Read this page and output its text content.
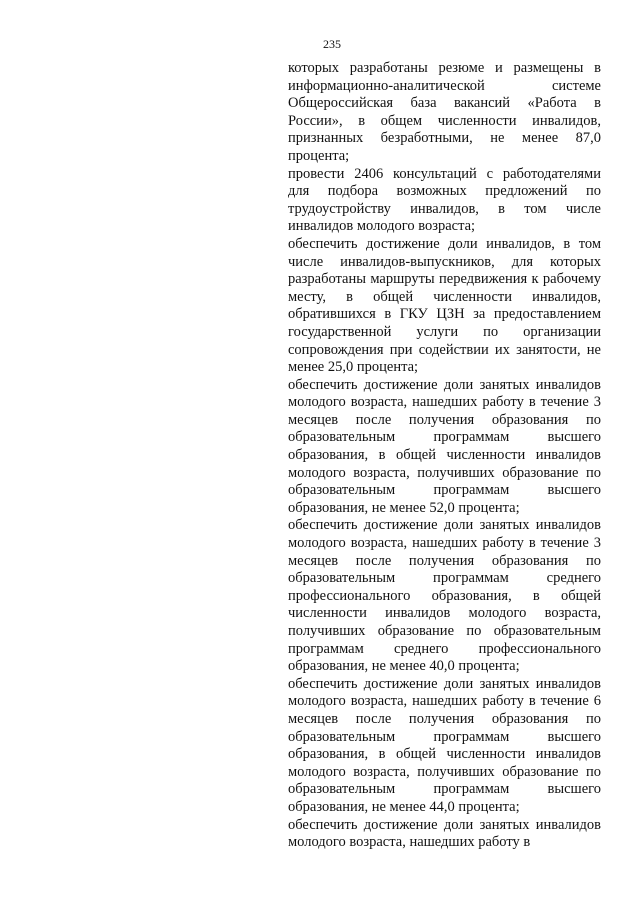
235

которых разработаны резюме и размещены в информационно-аналитической системе Общероссийская база вакансий «Работа в России», в общем численности инвалидов, признанных безработными, не менее 87,0 процента;

провести 2406 консультаций с работодателями для подбора возможных предложений по трудоустройству инвалидов, в том числе инвалидов молодого возраста;

обеспечить достижение доли инвалидов, в том числе инвалидов-выпускников, для которых разработаны маршруты передвижения к рабочему месту, в общей численности инвалидов, обратившихся в ГКУ ЦЗН за предоставлением государственной услуги по организации сопровождения при содействии их занятости, не менее 25,0 процента;

обеспечить достижение доли занятых инвалидов молодого возраста, нашедших работу в течение 3 месяцев после получения образования по образовательным программам высшего образования, в общей численности инвалидов молодого возраста, получивших образование по образовательным программам высшего образования, не менее 52,0 процента;

обеспечить достижение доли занятых инвалидов молодого возраста, нашедших работу в течение 3 месяцев после получения образования по образовательным программам среднего профессионального образования, в общей численности инвалидов молодого возраста, получивших образование по образовательным программам среднего профессионального образования, не менее 40,0 процента;

обеспечить достижение доли занятых инвалидов молодого возраста, нашедших работу в течение 6 месяцев после получения образования по образовательным программам высшего образования, в общей численности инвалидов молодого возраста, получивших образование по образовательным программам высшего образования, не менее 44,0 процента;

обеспечить достижение доли занятых инвалидов молодого возраста, нашедших работу в
